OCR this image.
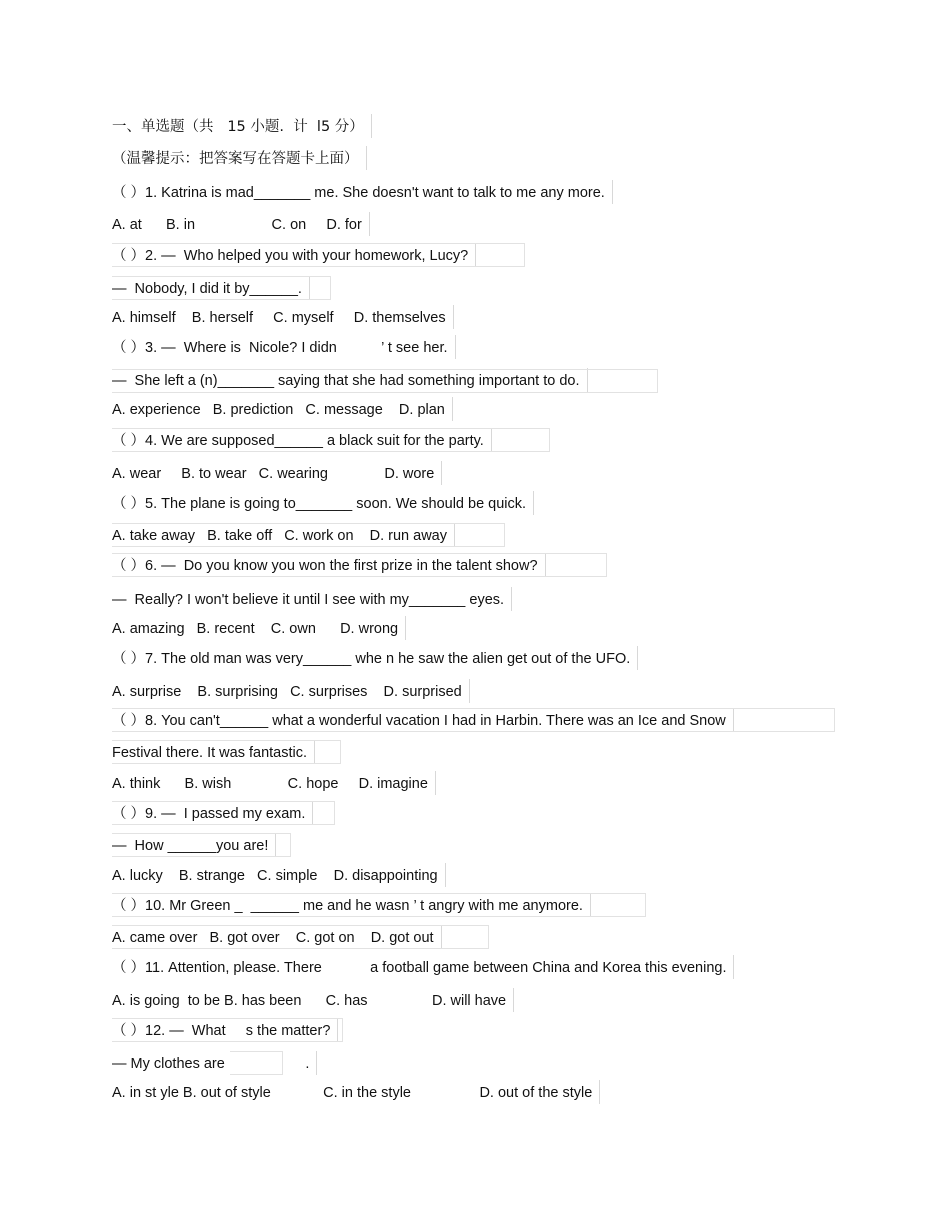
一、单选题（共   15 小题.  计  l5 分）
（温馨提示：把答案写在答题卡上面）
（ ）1. Katrina is mad_______ me. She doesn't want to talk to me any more.
A. at      B. in                   C. on     D. for
（ ）2. —  Who helped you with your homework, Lucy?
—  Nobody, I did it by______.
A. himself    B. herself     C. myself     D. themselves
（ ）3. —  Where is  Nicole? I didn           ’ t see her.
—  She left a (n)_______ saying that she had something important to do.
A. experience   B. prediction   C. message    D. plan
（ ）4. We are supposed______ a black suit for the party.
A. wear     B. to wear   C. wearing              D. wore
（ ）5. The plane is going to_______ soon. We should be quick.
A. take away   B. take off   C. work on    D. run away
（ ）6. —  Do you know you won the first prize in the talent show?
—  Really? I won't believe it until I see with my_______ eyes.
A. amazing   B. recent    C. own      D. wrong
（ ）7. The old man was very______ whe n he saw the alien get out of the UFO.
A. surprise    B. surprising   C. surprises    D. surprised
（ ）8. You can't______ what a wonderful vacation I had in Harbin. There was an Ice and Snow
Festival there. It was fantastic.
A. think      B. wish              C. hope     D. imagine
（ ）9. —  I passed my exam.
—  How ______you are!
A. lucky    B. strange   C. simple    D. disappointing
（ ）10. Mr Green _  ______ me and he wasn ’ t angry with me anymore.
A. came over   B. got over    C. got on    D. got out
（ ）11. Attention, please. There            a football game between China and Korea this evening.
A. is going  to be B. has been      C. has                D. will have
（ ）12. —  What     s the matter?
— My clothes are                    .
A. in st yle B. out of style             C. in the style                 D. out of the style
